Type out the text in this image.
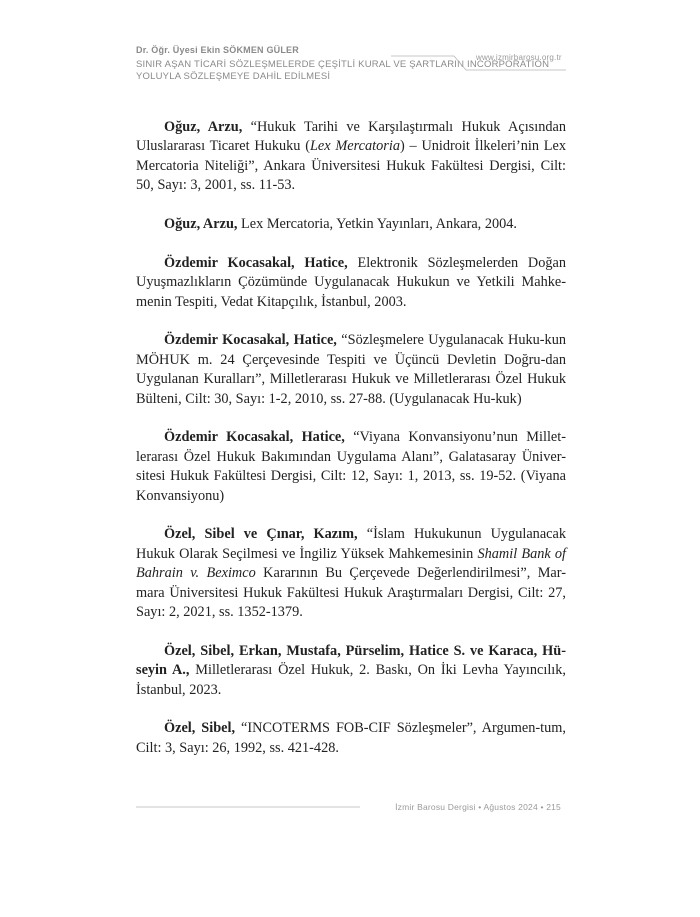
Dr. Öğr. Üyesi Ekin SÖKMEN GÜLER
SINIR AŞAN TİCARİ SÖZLEŞMELERDE ÇEŞİTLİ KURAL VE ŞARTLARIN INCORPORATION YOLUYLA SÖZLEŞMEYE DAHİL EDİLMESİ
www.izmirbarosu.org.tr

Oğuz, Arzu, “Hukuk Tarihi ve Karşılaştırmalı Hukuk Açısından Uluslararası Ticaret Hukuku (Lex Mercatoria) – Unidroit İlkeleri’nin Lex Mercatoria Niteliği”, Ankara Üniversitesi Hukuk Fakültesi Dergisi, Cilt: 50, Sayı: 3, 2001, ss. 11-53.

Oğuz, Arzu, Lex Mercatoria, Yetkin Yayınları, Ankara, 2004.

Özdemir Kocasakal, Hatice, Elektronik Sözleşmelerden Doğan Uyuşmazlıkların Çözümünde Uygulanacak Hukukun ve Yetkili Mahke-menin Tespiti, Vedat Kitapçılık, İstanbul, 2003.

Özdemir Kocasakal, Hatice, “Sözleşmelere Uygulanacak Huku-kun MÖHUK m. 24 Çerçevesinde Tespiti ve Üçüncü Devletin Doğru-dan Uygulanan Kuralları”, Milletlerarası Hukuk ve Milletlerarası Özel Hukuk Bülteni, Cilt: 30, Sayı: 1-2, 2010, ss. 27-88. (Uygulanacak Hu-kuk)

Özdemir Kocasakal, Hatice, “Viyana Konvansiyonu’nun Millet-lerarası Özel Hukuk Bakımından Uygulama Alanı”, Galatasaray Üniver-sitesi Hukuk Fakültesi Dergisi, Cilt: 12, Sayı: 1, 2013, ss. 19-52. (Viyana Konvansiyonu)

Özel, Sibel ve Çınar, Kazım, “İslam Hukukunun Uygulanacak Hukuk Olarak Seçilmesi ve İngiliz Yüksek Mahkemesinin Shamil Bank of Bahrain v. Beximco Kararının Bu Çerçevede Değerlendirilmesi”, Mar-mara Üniversitesi Hukuk Fakültesi Hukuk Araştırmaları Dergisi, Cilt: 27, Sayı: 2, 2021, ss. 1352-1379.

Özel, Sibel, Erkan, Mustafa, Pürselim, Hatice S. ve Karaca, Hü-seyin A., Milletlerarası Özel Hukuk, 2. Baskı, On İki Levha Yayıncılık, İstanbul, 2023.

Özel, Sibel, “INCOTERMS FOB-CIF Sözleşmeler”, Argumen-tum, Cilt: 3, Sayı: 26, 1992, ss. 421-428.

İzmir Barosu Dergisi • Ağustos 2024 • 215
